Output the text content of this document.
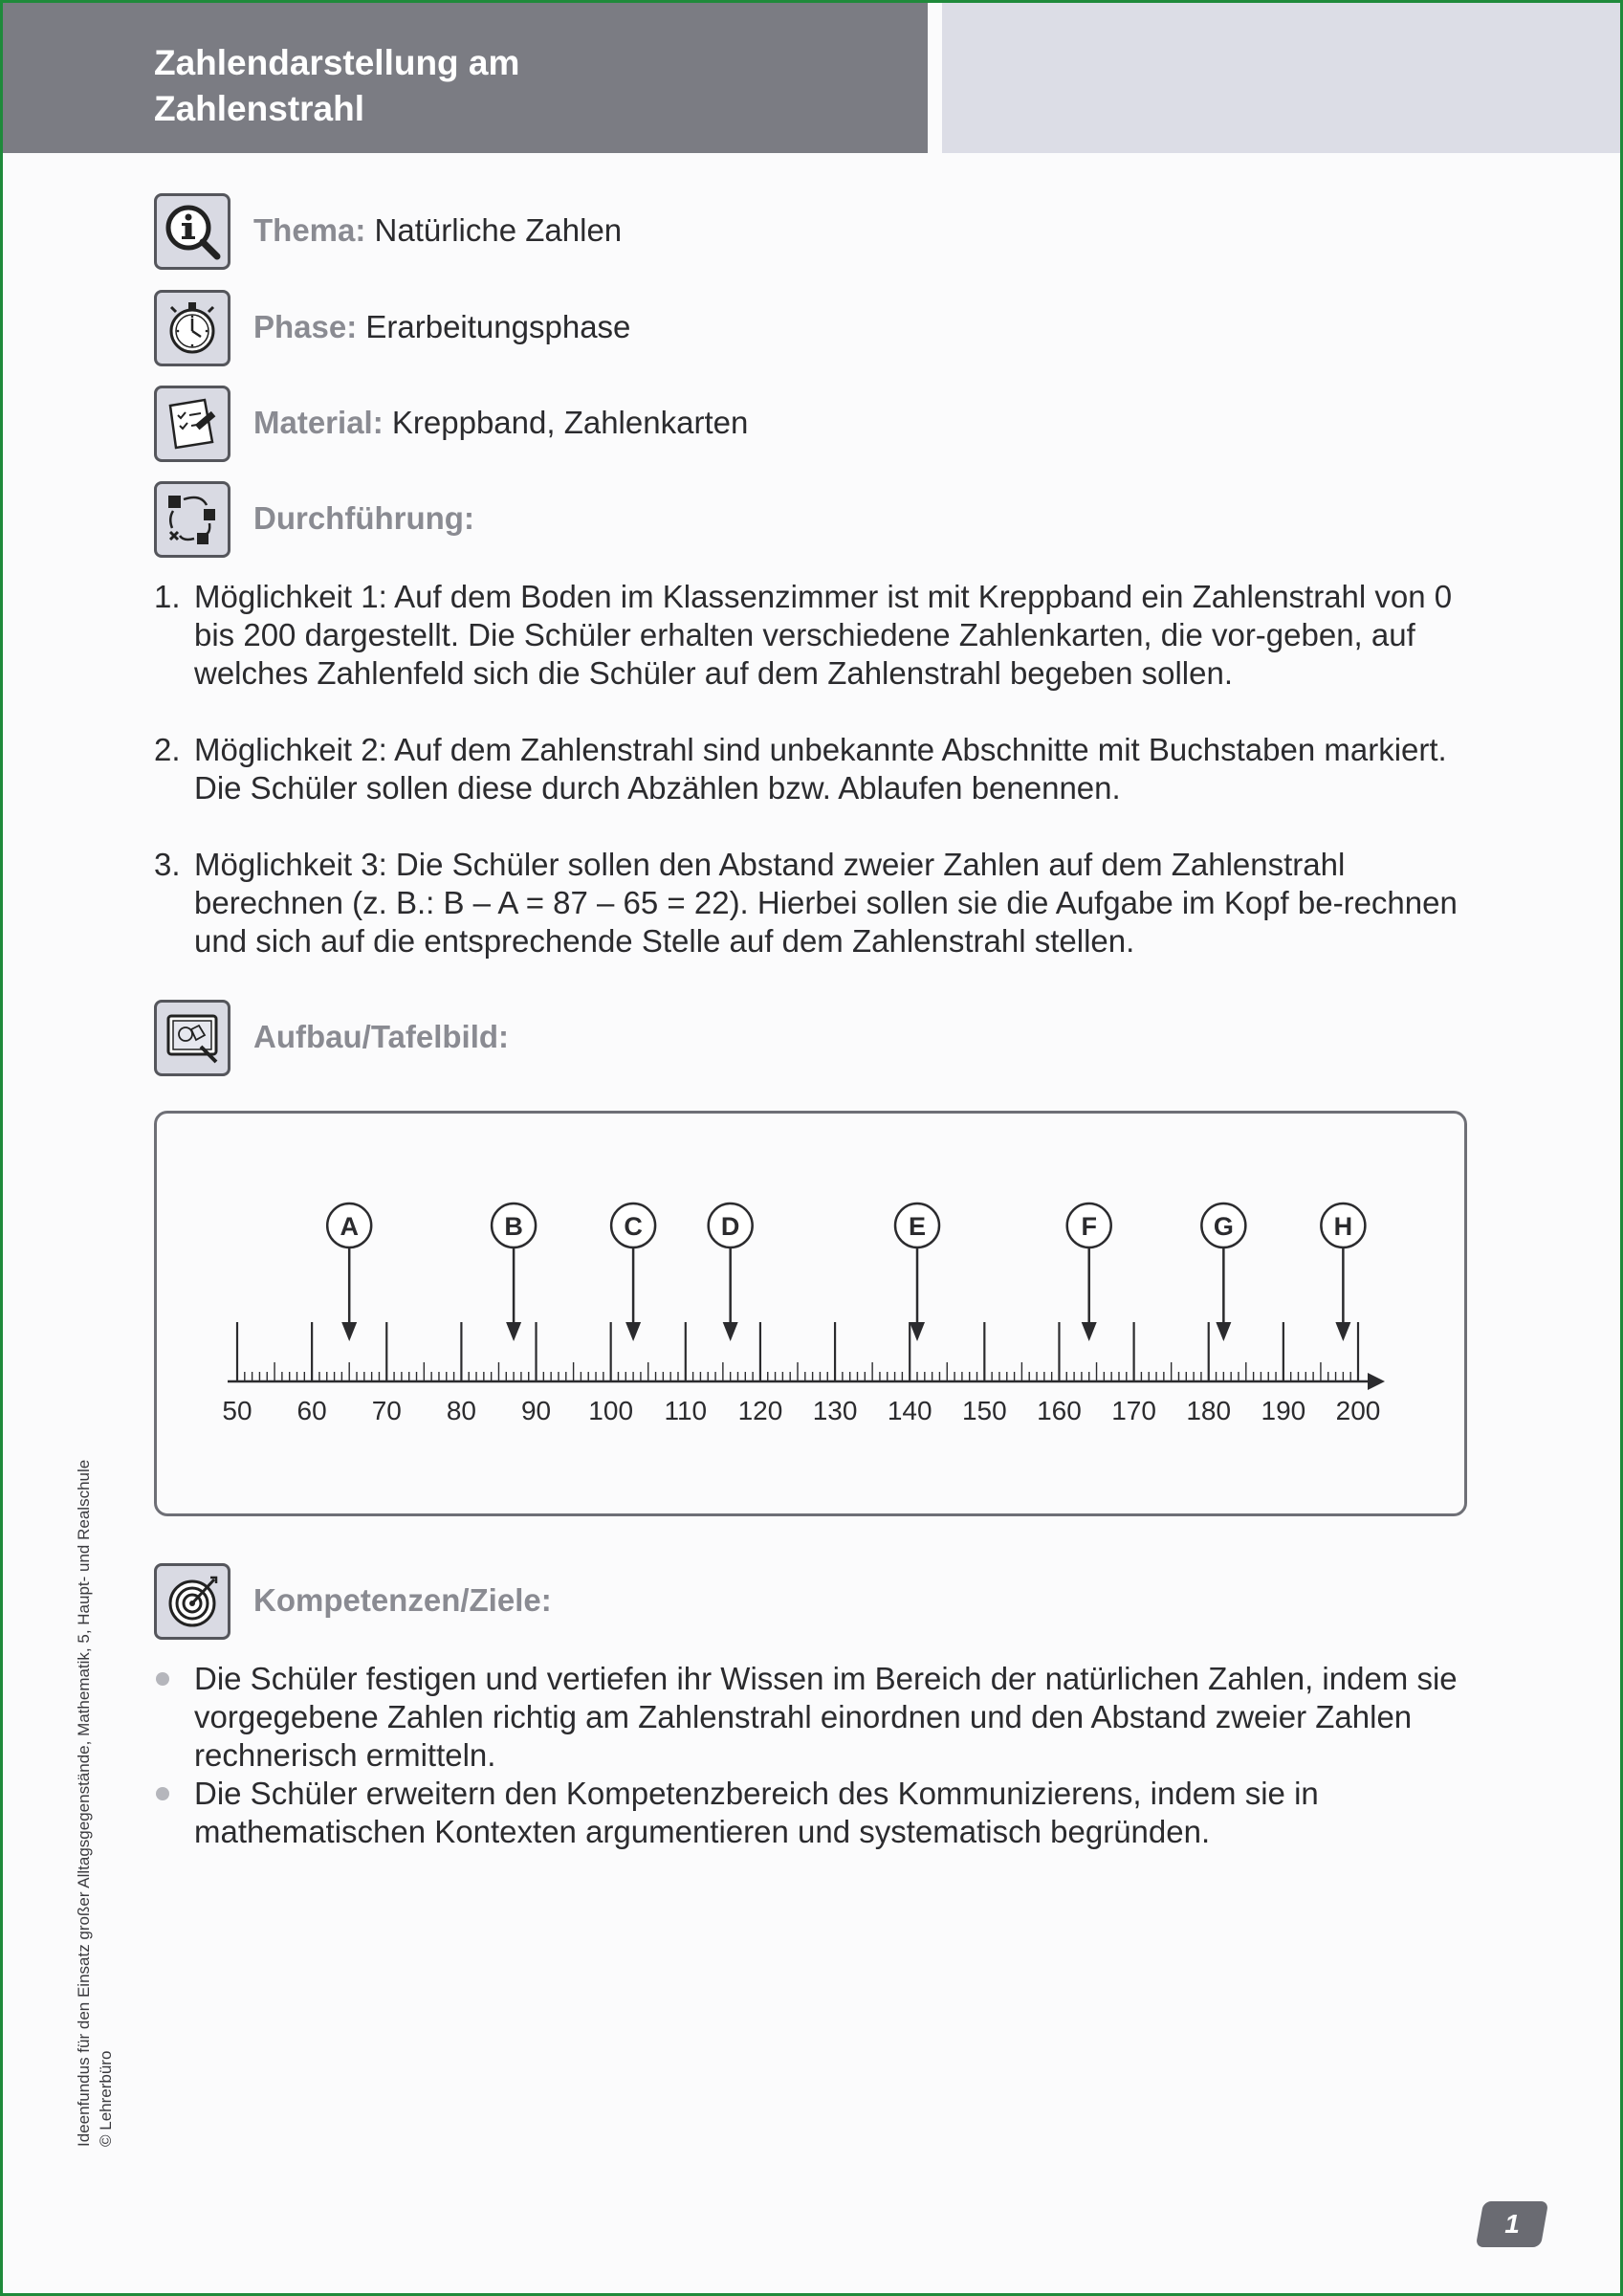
Zahlendarstellung am
Zahlenstrahl
Thema: Natürliche Zahlen
Phase: Erarbeitungsphase
Material: Kreppband, Zahlenkarten
Durchführung:
1. Möglichkeit 1: Auf dem Boden im Klassenzimmer ist mit Kreppband ein Zahlenstrahl von 0 bis 200 dargestellt. Die Schüler erhalten verschiedene Zahlenkarten, die vor-geben, auf welches Zahlenfeld sich die Schüler auf dem Zahlenstrahl begeben sollen.
2. Möglichkeit 2: Auf dem Zahlenstrahl sind unbekannte Abschnitte mit Buchstaben markiert. Die Schüler sollen diese durch Abzählen bzw. Ablaufen benennen.
3. Möglichkeit 3: Die Schüler sollen den Abstand zweier Zahlen auf dem Zahlenstrahl berechnen (z. B.: B – A = 87 – 65 = 22). Hierbei sollen sie die Aufgabe im Kopf be-rechnen und sich auf die entsprechende Stelle auf dem Zahlenstrahl stellen.
Aufbau/Tafelbild:
50 60 70 80 90 100 110 120 130 140 150 160 170 180 190 200
A	B	C	D	E	F	G	H
Kompetenzen/Ziele:
Die Schüler festigen und vertiefen ihr Wissen im Bereich der natürlichen Zahlen, indem sie vorgegebene Zahlen richtig am Zahlenstrahl einordnen und den Abstand zweier Zahlen rechnerisch ermitteln.
Die Schüler erweitern den Kompetenzbereich des Kommunizierens, indem sie in mathematischen Kontexten argumentieren und systematisch begründen.
Ideenfundus für den Einsatz großer Alltagsgegenstände, Mathematik, 5, Haupt- und Realschule © Lehrerbüro
1
